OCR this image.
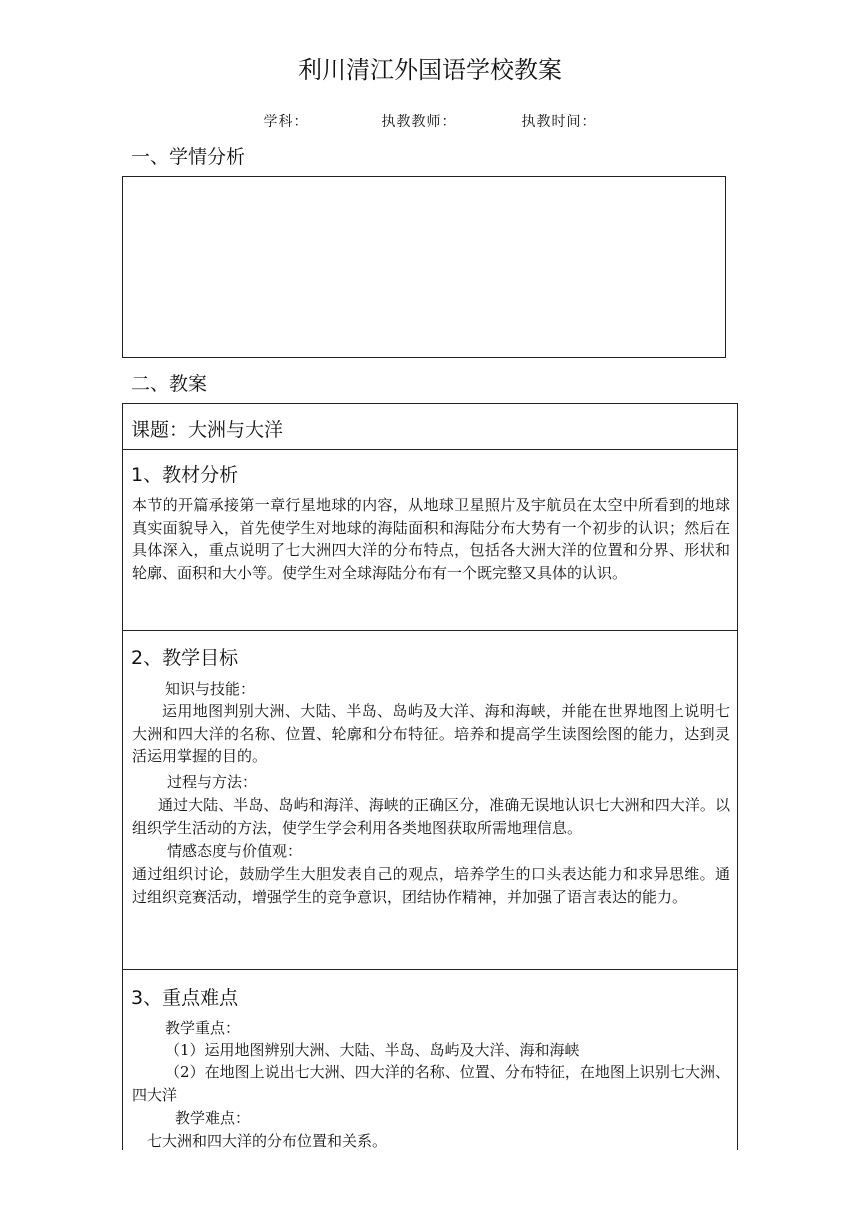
利川清江外国语学校教案
学科：	执教教师：	执教时间：
一、学情分析
二、教案
课题：大洲与大洋
1、教材分析
本节的开篇承接第一章行星地球的内容，从地球卫星照片及宇航员在太空中所看到的地球真实面貌导入，首先使学生对地球的海陆面积和海陆分布大势有一个初步的认识；然后在具体深入，重点说明了七大洲四大洋的分布特点，包括各大洲大洋的位置和分界、形状和轮廓、面积和大小等。使学生对全球海陆分布有一个既完整又具体的认识。
2、教学目标
知识与技能：
运用地图判别大洲、大陆、半岛、岛屿及大洋、海和海峡，并能在世界地图上说明七大洲和四大洋的名称、位置、轮廓和分布特征。培养和提高学生读图绘图的能力，达到灵活运用掌握的目的。
过程与方法：
通过大陆、半岛、岛屿和海洋、海峡的正确区分，准确无误地认识七大洲和四大洋。以组织学生活动的方法，使学生学会利用各类地图获取所需地理信息。
情感态度与价值观：
通过组织讨论，鼓励学生大胆发表自己的观点，培养学生的口头表达能力和求异思维。通过组织竞赛活动，增强学生的竞争意识，团结协作精神，并加强了语言表达的能力。
3、重点难点
教学重点：
（1）运用地图辨别大洲、大陆、半岛、岛屿及大洋、海和海峡
（2）在地图上说出七大洲、四大洋的名称、位置、分布特征，在地图上识别七大洲、四大洋
教学难点：
七大洲和四大洋的分布位置和关系。
